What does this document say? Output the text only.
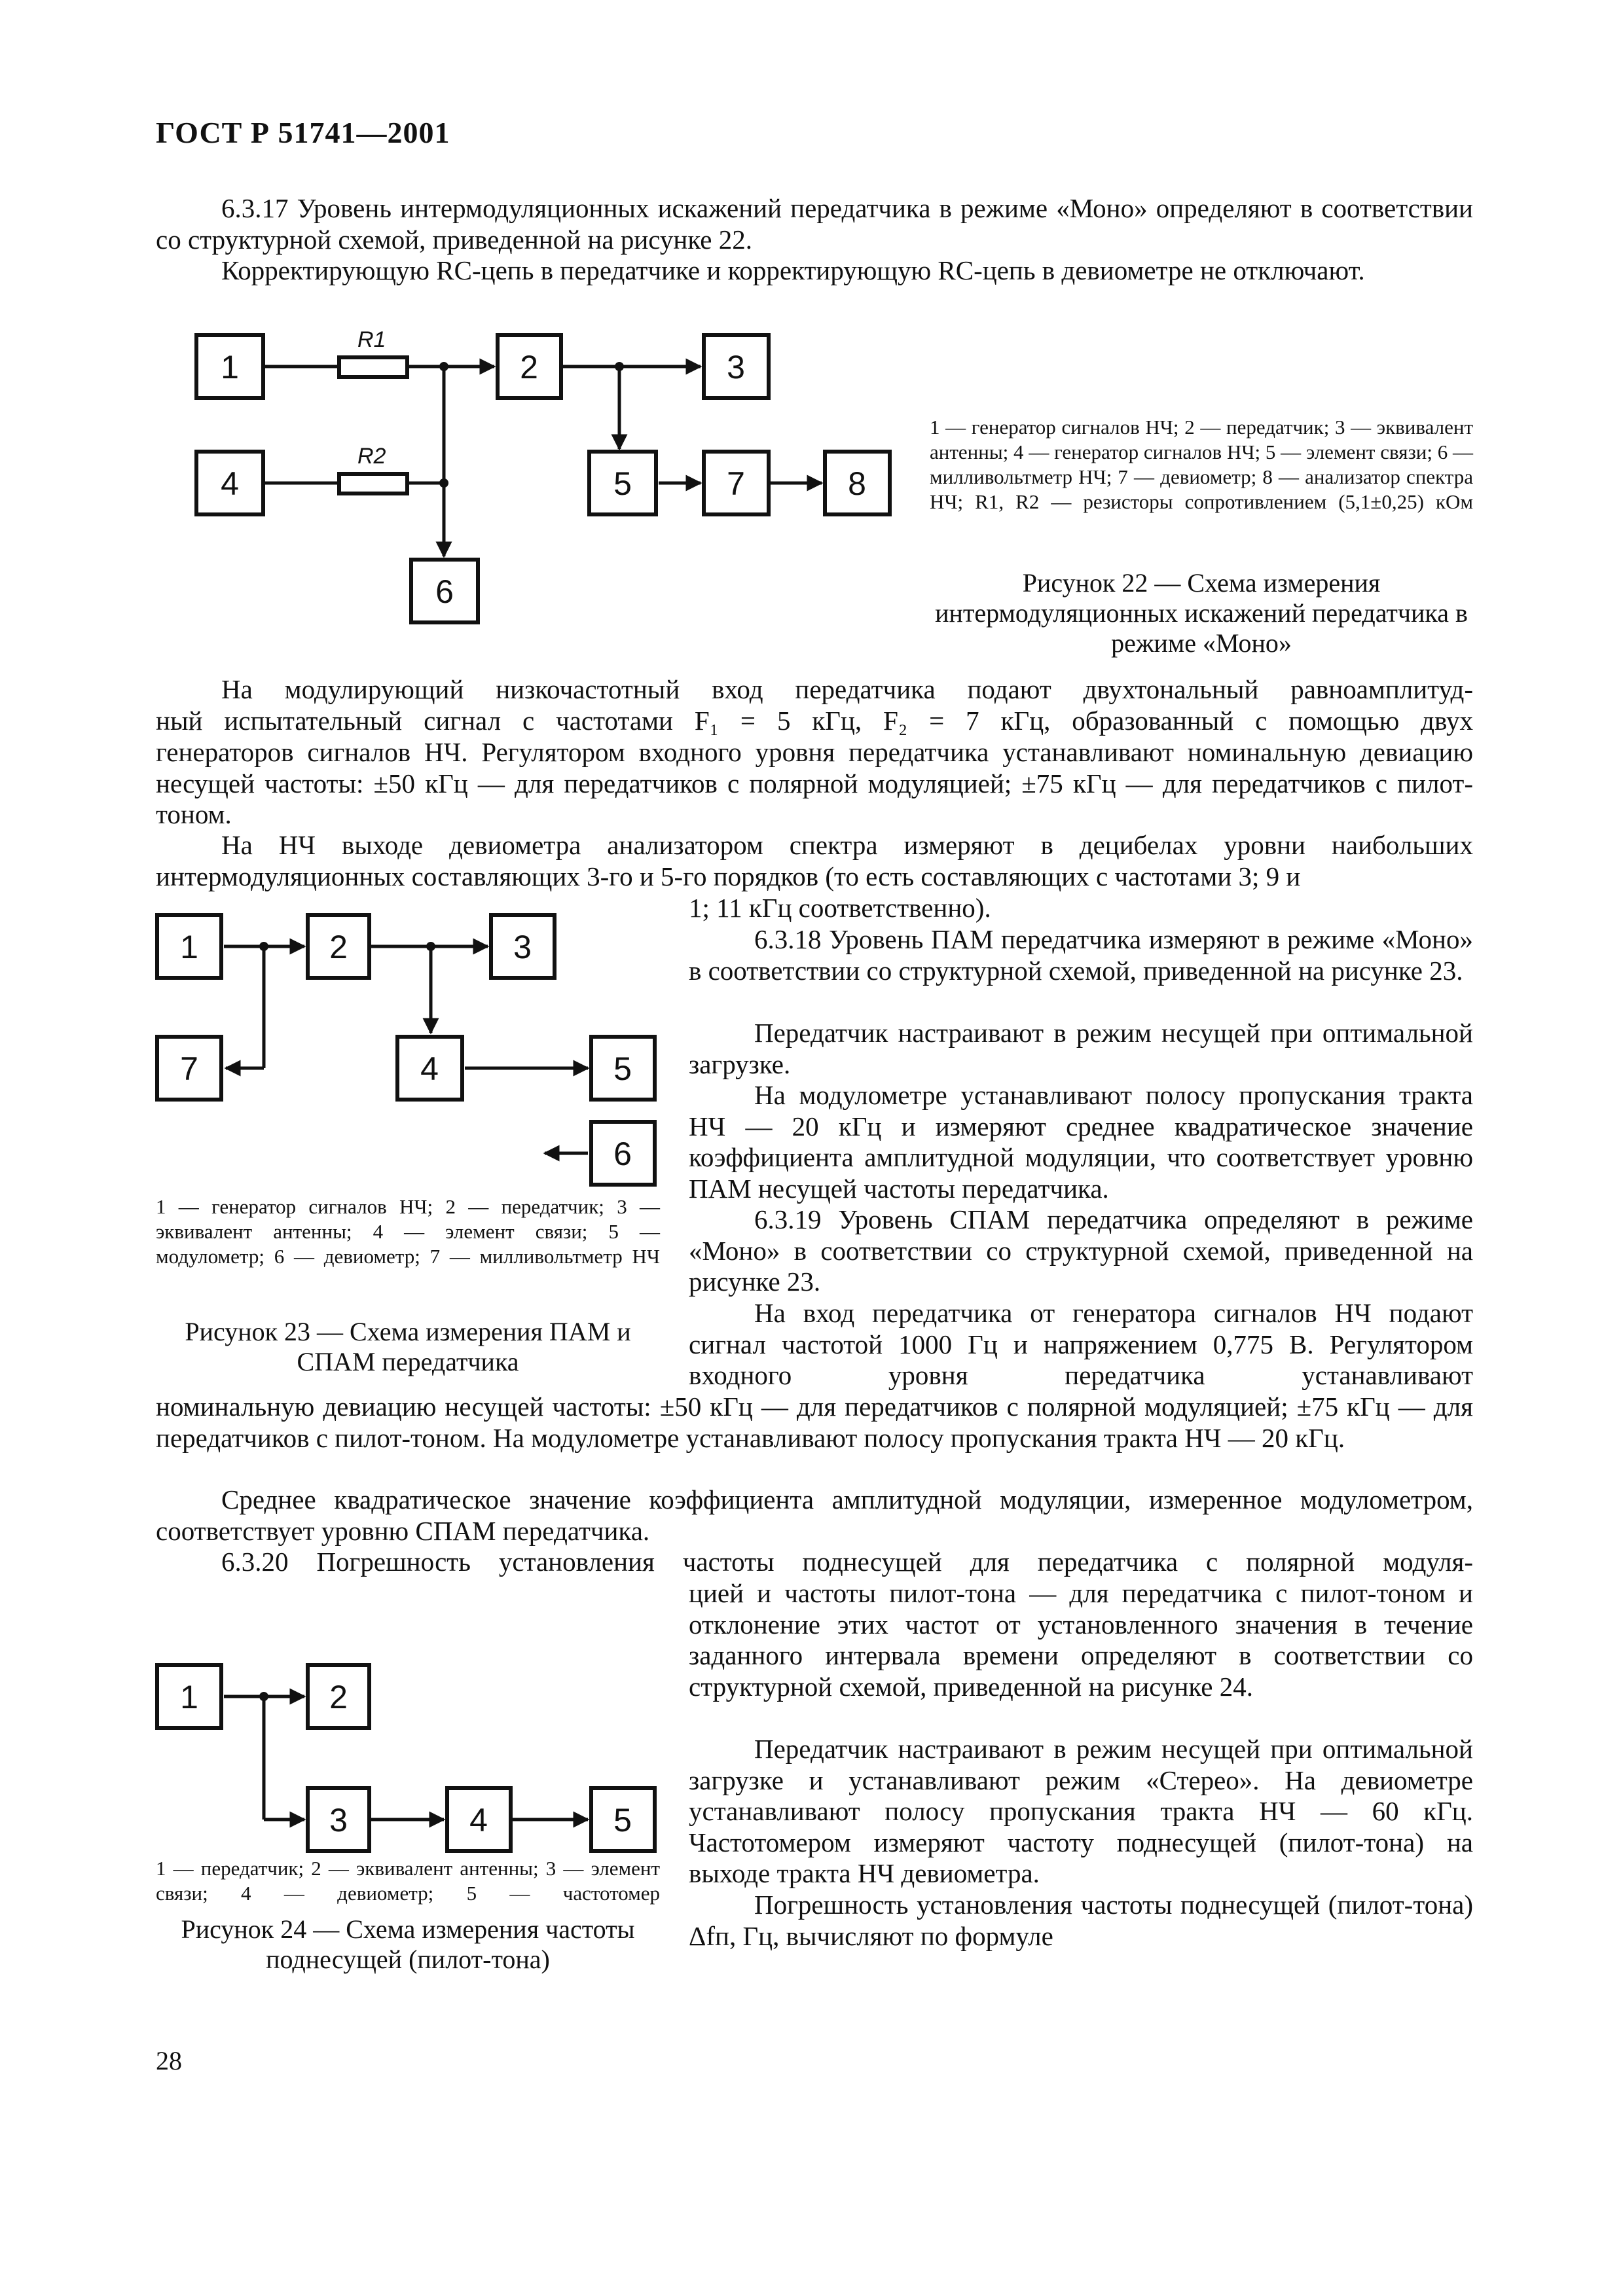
ГОСТ Р 51741—2001
R1
R2
1	2	3
4	5	7	8
6
1	2	3
7	4	5
6
1	2
3	4	5
6.3.17 Уровень интермодуляционных искажений передатчика в режиме «Моно» определяют в соответствии со структурной схемой, приведенной на рисунке 22.
Корректирующую RC-цепь в передатчике и корректирующую RC-цепь в девиометре не отключают.
1 — генератор сигналов НЧ; 2 — передатчик; 3 — эквивалент антенны; 4 — генератор сигналов НЧ; 5 — элемент связи; 6 — милливольтметр НЧ; 7 — девиометр; 8 — анализатор спектра НЧ; R1, R2 — резисторы сопротивлением (5,1±0,25) кОм
Рисунок 22 — Схема измерения интермодуляционных искажений передатчика в режиме «Моно»
На модулирующий низкочастотный вход передатчика подают двухтональный равноамплитуд-
ный испытательный сигнал с частотами F₁ = 5 кГц, F₂ = 7 кГц, образованный с помощью двух
генераторов сигналов НЧ. Регулятором входного уровня передатчика устанавливают номинальную девиацию несущей частоты: ±50 кГц — для передатчиков с полярной модуляцией; ±75 кГц — для передатчиков с пилот-тоном.
На НЧ выходе девиометра анализатором спектра измеряют в децибелах уровни наибольших интермодуляционных составляющих 3-го и 5-го порядков (то есть составляющих с частотами 3; 9 и
1; 11 кГц соответственно).
6.3.18 Уровень ПАМ передатчика измеряют в режиме «Моно» в соответствии со структурной схемой, приведенной на рисунке 23.
Передатчик настраивают в режим несущей при оптимальной загрузке.
На модулометре устанавливают полосу пропускания тракта НЧ — 20 кГц и измеряют среднее квадратическое значение коэффициента амплитудной модуляции, что соответствует уровню ПАМ несущей частоты передатчика.
6.3.19 Уровень СПАМ передатчика определяют в режиме «Моно» в соответствии со структурной схемой, приведенной на рисунке 23.
На вход передатчика от генератора сигналов НЧ подают сигнал частотой 1000 Гц и напряжением 0,775 В. Регулятором входного уровня передатчика устанавливают
номинальную девиацию несущей частоты: ±50 кГц — для передатчиков с полярной модуляцией; ±75 кГц — для передатчиков с пилот-тоном. На модулометре устанавливают полосу пропускания тракта НЧ — 20 кГц.
1 — генератор сигналов НЧ; 2 — передатчик; 3 — эквивалент антенны; 4 — элемент связи; 5 — модулометр; 6 — девиометр; 7 — милливольтметр НЧ
Рисунок 23 — Схема измерения ПАМ и СПАМ передатчика
Среднее квадратическое значение коэффициента амплитудной модуляции, измеренное модулометром, соответствует уровню СПАМ передатчика.
6.3.20 Погрешность установления частоты поднесущей для передатчика с полярной модуля-
цией и частоты пилот-тона — для передатчика с пилот-тоном и отклонение этих частот от установленного значения в течение заданного интервала времени определяют в соответствии со структурной схемой, приведенной на рисунке 24.
Передатчик настраивают в режим несущей при оптимальной загрузке и устанавливают режим «Стерео». На девиометре устанавливают полосу пропускания тракта НЧ — 60 кГц. Частотомером измеряют частоту поднесущей (пилот-тона) на выходе тракта НЧ девиометра.
Погрешность установления частоты поднесущей (пилот-тона) Δfп, Гц, вычисляют по формуле
1 — передатчик; 2 — эквивалент антенны; 3 — элемент связи; 4 — девиометр; 5 — частотомер
Рисунок 24 — Схема измерения частоты поднесущей (пилот-тона)
28
